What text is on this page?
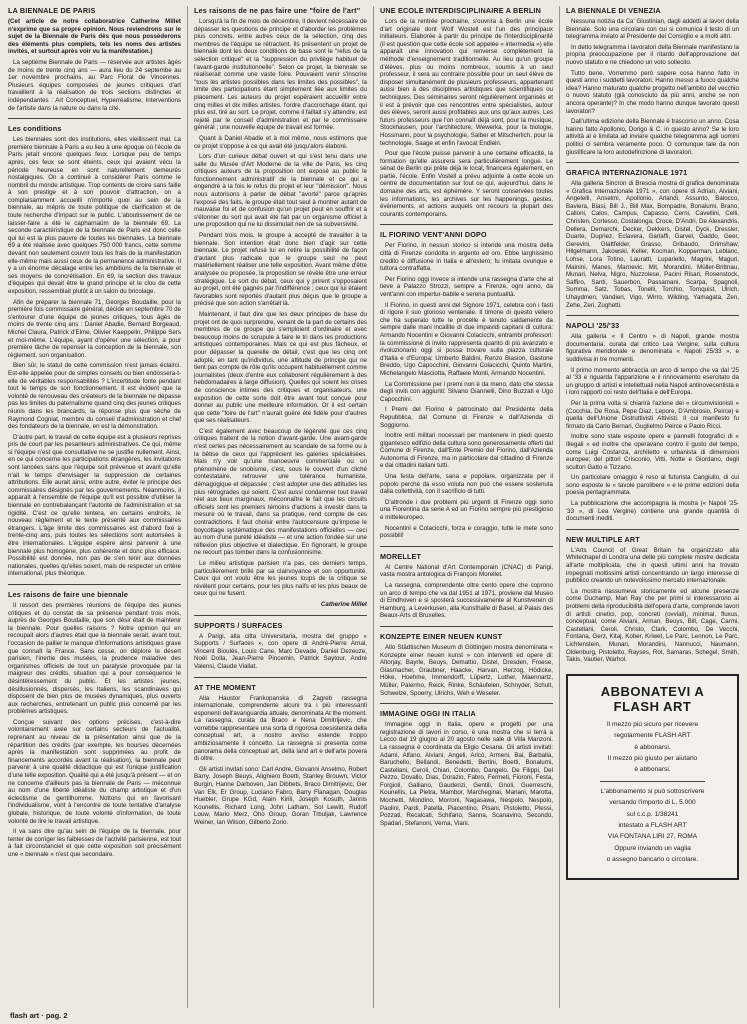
LA BIENNALE DE PARIS

(Cet article de notre collaboratrice Catherine Millet n'exprime que sa propre opinion. Nous reviendrons sur le sujet de la Biennale de Paris dès que nous possèderons des éléments plus complets, tels les noms des artistes invités, et surtout après voir vu la manifestation.)

La septième Biennale de Paris — réservée aux artistes âgés de moins de trente cinq ans — aura lieu du 24 septembe au 1er novembre prochains, au Parc Floral de Vincennes. Plusieurs équipes composées de jeunes critiques d'art travaillent à la réalisation de trois sections distinctes et indépendantes : Art Conceptuel, Hyperréalisme, Interventions de l'artiste dans la nature ou dans la cité.

Les conditions

Les biennales sont des institutions, elles vieillissent mal. La première biennale à Paris a eu lieu à une époque où l'école de Paris jetait encore quelques feux. Lorsque peu de temps après, ces feux se sont éteints, ceux qui avaient vécu la période heureuse en sont naturellement demeurés nostalgiques. On a continué à considérer Paris comme le nombril du monde artistique. Trop contents de croire sans faille à son prestige et à son pouvoir d'attraction, on a complaisamment accueilli n'importe quoi au sein de la biennale, au mépris de toute politique de clarification et de toute recherche d'impact sur le public. L'aboutissement de ce laisser-faire a été le capharnaüm de la biennale 69. La seconde caractéristique de la biennale de Paris est donc celle qui lui est la plus pauvre de toutes les biennales. La biennale 69 a été réalisée avec quelques 750 000 francs, cette somme devant non seulement couvrir tous les frais de la manifestation elle-même mais aussi ceux de la permanence administrative. Il y a un énorme décalage entre les ambitions de la biennale et ses moyens de concrétisation. En 69, la section des travaux d'équipes qui devait être le grand principe et le clou de cette exposition, ressemblait plutôt à un salon du bricolage.

Afin de préparer la biennale 71, Georges Boudaille, pour la première fois commissaire général, décide en septembre 70 de s'entourer d'une équipe de jeunes critiques, tous âgés de moins de trente cinq ans : Daniel Abadie, Bernard Borgeaud, Michel Claura, Patrick d'Elme, Olivier Kaeppelin, Philippe Sers et moi-même. L'équipe, ayant d'opérer une sélection, a pour première tâche de repenser la conception de la biennale, son règlement, son organisation.

Bien sûr, le statut de cette commission n'est jamais éclairci. Est-elle appelée pour de simples conseils ou bien endossera-t-elle de véritables responsabilités ? L'incertitude fonte pendant tout le temps de son fonctionnement. Il est évident que la volonté de renouveau des créateurs de la biennale ne dépasse pas les limites du paternalisme quand cinq des jeunes critiques réunis dans les brancards, la réponse plus que sèche de Raymond Cogniat, membre du conseil d'administration et chef des fondateurs de la biennale, en est la démonstration.

D'autre part, le travail de cette équipe est à plusieurs reprises pris de court par les pesanteurs administratives. Ce qui, même si l'équipe n'est que consultative ne se justifie nullement. Ainsi, en ce qui concerne les participations étrangères, les invitations sont lancées sans que l'équipe soit prévenue et avant qu'elle n'ait le temps d'envisager la suppression de certaines attributions. Elle aurait ainsi, entre autre, éviter le principe des commissaires désignés par les gouvernements. Néanmoins, il apparaît à l'ensemble de l'équipe qu'il est possible d'utiliser la biennale en contrebalançant l'autorité de l'administration et sa rigidité. C'est ce qu'elle tentera, en certains endroits, le nouveau règlement et le texte présenté aux commissaires étrangers. L'âge limite des commissaires est d'abord fixé à trente-cinq ans, puis toutes les sélections sont autorisées à être internationales. L'équipe espère ainsi parvenir à une biennale plus homogène, plus cohérente et donc plus efficace. Possibilité est donnée, non pas de s'en tenir aux données nationales, quelles qu'elles soient, mais de respecter un critère international, plus théorique.

Les raisons de faire une biennale

Il ressort des premières réunions de l'équipe des jeunes critiques et du constat de sa présence pendant trois mois, auprès de Georges Boudaille, que son désir était de maintenir la biennale. Pour quelles raisons ? Notre opinion qui en recoupait alors d'autres était que la biennale serait, avant tout, l'occasion de pallier le manque d'informations artistiques grave que connaît la France. Sans cesse, on déplore le désert parisien, l'inertie des musées, la prudence maladive des organismes officiels de tout un paralysie provoquée par la maigreur des crédits, situation qui a pour conséquence le désintéressement du public. Et les artistes jeunes, désillusionnés, dispersés, les Italiens, les scandinaves qui disposent de bien plus de musées dynamiques, plus ouverts aux recherches, entretenant un public plus concerné par les problèmes artistiques.

Conçue suivant des options précises, c'est-à-dire volontairement axée sur certains secteurs de l'actualité, reprenant au niveau de la présentation ainsi que de la répartition des crédits (par exemple, les bourses décernées après la manifestation sont supprimées au profit de financements accordés avant la réalisation), la biennale peut parvenir à une qualité didactique qui est l'unique justification d'une telle exposition. Qualité qui a été jusqu'à présent — et on ne concerne d'ailleurs pas la biennale de Paris — méconnue au nom d'une liberté idéaliste du champ artistique et d'un éclectisme de gentilhomme. Nottons qui en favorisant l'individualisme, vont à l'encontre de toute tentative d'analyse globale, historique, de toute volonté d'information, de toute volonté de lire le travail artistique.

Il va sans dire qu'au sein de l'équipe de la biennale, pour tenter de corriger les faiblesses de l'activité parisienne, est tout à fait circonstanciel et que cette exposition soit précisément une « biennale » n'est que secondaire.

Les raisons de ne pas faire une "foire de l'art"

Lorsqu'à la fin de mois de décembre, il devient nécessaire de dépasser les questions de principe et d'aborder les problèmes plus concrets, entre autres ceux de la sélection, cinq des membres de l'équipe se rétractent. Ils présentent un projet de biennale dont les deux conditions de base sont le "refus de la sélection critique" et la "suppression du privilège habituel de l'avant-garde institutionnelle". Selon ce projet, la biennale se réaliserait comme une vaste foire. Pouvaient venir s'inscrire "tous les artistes possibles dans les limites des possibles", la limite des participations étant simplement liée aux limites du placement. Les auteurs du projet espéraient accueillir entre cinq milles et dix milles artistes. l'ordre d'accrochage étant, qui plus est, tiré au sort. Le projet, comme il faillait s'y attendre, est rejeté par le conseil d'administration et par le commissaire général ; une nouvelle équipe de travail est formée.

Quant à Daniel Abadie et à moi même, nous estimons que ce projet s'oppose à ce qui avait été jusqu'alors élaboré.

Lors d'un curieux débat ouvert et qui s'est tenu dans une salle du Musée d'Art Moderne de la ville de Paris, les cinq critiques auteurs de la proposition ont exposé au public le fonctionnement administratif de la biennale et ce qui a engendré à la fois le refus du projet et leur "démission". Nous nous autorisons à parler de débat "avorté" parce qu'après l'exposé des faits, le groupe était tout seul à montrer autant de mauvaise foi et de confusion qu'un projet peut en souffrir et à s'étonner du sort qui avait été fait par un organisme officiel à une proposition qui ne lui dissimulait rien de sa subversivité.

Pendant trois mois, le groupe a accepté de travailler à la biennale. Son intention était donc bien d'agir sur cette biennale. Le projet refusé lui en retire la possibilité de façon d'autant plus radicale que le groupe seul ne peut matériellement réaliser une telle exposition. Avant même d'être analysée ou proposée, la proposition se révèle être une erreur stratégique. Le sort du débat, ceux qui y prirent s'opposaient au projet, ont été gagnés par l'indifférence ; ceux qui lui étaient favorables sont reportés d'autant plus déçus que le groupe a précisé que son action s'arrêtait là.

Maintenant, il faut dire que les deux principes de base du projet ont de quoi surprendre, venant de la part de certains des membres de ce groupe qui s'emploient d'ordinaire et avec beaucoup moins de scrupule à faire le tri dans les productions artistiques contemporaines. Mais ce qui est plus fâcheux, et pour dépasser la querelle de détail, c'est que les cinq ont adopté, en tant qu'individus, une attitude de principe qui ne tient pas compte de rôle qu'ils occupent habituellement comme journalistes (deux d'entre eux collaborent régulièrement à des hebdomadaires à large diffusion). Quelles qui soient les crises de conscience intimes des critiques et organisateurs, une exposition de cette sorte doit être avant tout conçue pour donner au public une meilleure information. Or il est certain que cette "foire de l'art" n'aurait guère été fidèle pour d'autres que ses réalisateurs.

C'est également avec beaucoup de légèreté que ces cinq critiques traitent de la notion d'avant-garde. Une avant-garde n'est certes pas nécessairement au scandale de sa forme ou à la bêtise de ceux qui l'apprécient les galeries spécialisées. Mais n'y voir qu'une manoeuvre commerciale ou un phénomène de snobisme, c'est, sous le couvert d'un cliché contestataire, retrouver une tolérance humaniste, démagogique et dépassée ; c'est adopter une des attitudes les plus rétrogrades qui soient. C'est aussi condamner tout travail réel aux lieux marginaux, méconnaître le fait que les circuits officiels sont les premiers témoins d'actions à investir dans la mesure où le travail, dans sa pratique, rend compte de ces contradictions. Il faut choisir entre l'autocensure qu'impose le boycottage systématique des manifestations officielles — ceci au nom d'une pureté idéaliste — et une action fondée sur une réflexion plus objective et dialectique. En l'ignorant, le groupe ne recourt pas tomber dans la confusionnisme.

Le milieu artistique parisien n'a pas, ces derniers temps, particulièrement brillé par sa clairvoyance et son opportunité. Ceux qui ont voulu être les jeunes loups de la critique se révèlent pour certains, pour les plus naïfs et les plus beaux de ceux qui ne fusent.

Catherine Millet

SUPPORTS / SURFACES

A Parigi, alla citta Universitaria, mostra del gruppo « Supports / Surfaces », con opere di André-Pierre Arnal, Vincent Bioulès, Louis Cane, Marc Devade, Daniel Dezeuze, Noël Dolla, Jean-Pierre Pincemin, Patrick Saytour, André Valensi, Claude Viallat.

AT THE MOMENT

Alla Haustor Frankopanska di Zagreb rassegna internazionale, comprendente alcuni tra i più interessanti esponenti dell'avanguardia attuale, denominata At the moment. La rassegna, curata da Braco e Nena Dimitrijevic, che vorrebbe rappresentare una sorta di rigorosa coesistenza della conceptual art, a nostro avviso estende troppo ambiziosamente il concetto. La rassegna si presenta come panorama della conceptual art, della land art e dell'arte povera di oltre.

Gli artisti invitati sono: Carl Andre, Giovanni Anselmo, Robert Barry, Joseph Beuys, Alighiero Boetti, Stanley Brouwn, Victor Burgin, Hanne Darboven, Jan Dibbets, Braco Dimitrijevic, Ger Van Elk, Er Group, Luciano Fabro, Barry Flanagan, Douglas Huebler, Grupe KGd, Alain Kirili, Joseph Kosuth, Jannis Kounellis, Richard Long, John Latham, Sol Lewitt, Rudolf Louw, Mario Merz, Oho Group, Goran Trbuljak, Lawrence Weiner, Ian Wilson, Gilberto Zorio.

UNE ECOLE INTERDISCIPLINAIRE A BERLIN

Lors de la rentrée prochaine, s'ouvrira à Berlin une école d'art originale dont Wolf Wostell est l'un des principaux initiateurs. Elaborée à partir du principe de l'interdisciplinarité (il est question que cette école soit appelée « intermedia ») elle apparaît une innovation qui renverse complètement la méthode d'enseignement traditionnelle. Au lieu qu'un groupe d'élèves, plus ou moins nombreux, soumis à un seul professeur, il sera au contraire possible pour un seul élève de disposer simultanément de plusieurs professeurs, appartenant aussi bien à des disciplines artistiques que scientifiques ou techniques. Des séminaires seront régulièrement organisés et il est à prévoir que ces rencontres entre spécialistes, autour des élèves, seront aussi profitables aux uns qu'aux autres. Les futurs professeurs que l'on connaît déjà sont, pour la musique, Stockhausen, pour l'architecture, Wewerka, pour la biologie, Hossmann, pour la psychologie, Salber et Mitscherlich, pour la technologie, Saage et enfin l'avocat Endlein.

Pour que l'école puisse parvenir à une certaine efficacité, la formation qu'elle assurera sera particulièrement longue. Le sénat de Berlin qui prête déjà le local, financera également, en partie, l'école. Enfin Vostell a prévu adjointe à cette école un centre de documentation sur tout ce qui, aujourd'hui, dans le domaine des arts, est éphémère. Y seront conservées toutes les informations, les archives sur les happenings, gestes, événements, et actions auquels ont recours la plupart des courants contemporains.

IL FIORINO VENT'ANNI DOPO

Per Fiorino, in nessun storico si intende una mostra della città di Firenze condotta in argento ed oro. Ebbe larghissimo credito e diffusione in Italia e all'estero; fu imitata ovunque e tuttora contraffatta.

Per Fiorino oggi invece si intende una rassegna d'arte che al tieve a Palazzo Strozzi, sempre a Firenze, ogni anno, da vent'anni con impertur-babile e serena puntualità.

Il Fiorino, in questi anni del Signore 1971, celebra con i fasti di rigore il suo glorioso ventenale. Il timone di questo veliero che ha superato tutte le procelle è tenuto saldamente da sempre dalle mani incallite di due impavidi capitani di cultura: Armando Nocentini e Giovanni Colacicchi, entrambi professori: la commissione di invito rappresenta quanto di più avanzato e rivoluzionario oggi si possa trovare sulla piazza culturale d'Italia e d'Europa: Umberto Baldini, Renzo Biasion, Gastone Breddo, Ugo Capocchini, Giovanni Colacicchi, Quinto Martini, Michelangelo Masciotta, Raffaele Monti, Armando Nocentini.

La Commissione per i premi non è da meno, dato che stessa degli inviti con aggiunti: Silvano Giannelli, Dino Buzzati e Ugo Capocchini.

I Premi del Fiorino è patrocinato dal Presidente della Repubblica, dal Comune di Firenze e dall'Azienda di Soggiorno.

Inoltre enti militari nocessari per mantenere in piedi questo gigantesco edifizio della cultura sono generosamente offerti dal Comune di Firenze, dall'Ente Premio del Fiorino, dall'Azienda Autonoma di Firenze, ma in particolare dal cittadino di Firenze e dai cittadini italiani tutti.

Una festa dell'arte, sana e popolare, organizzata per il popolo perchè da esso voluta non può che essere sostenuta dalla collettività, con il sacrificio di tutti.

D'altronde i due problemi più urgenti di Firenze oggi sono una Fiorentina da serie A ed un Fiorino sempre più prestigioso e mitteleuropeo.

Nocentini e Colacicchi, forza e coraggio, tutte le mete sono possibili!

MORELLET

Al Centre National d'Art Contemporain (CNAC) di Parigi, vasta mostra antologica di François Morellet.

La rassegna, comprendente oltre cento opere che coprono un arco di tempo che va dal 1951 al 1971, proviene dal Museo di Eindhoven e si sposterà successivamente al Kunstverein di Hamburg, a Leverkusen, alla Kunsthalle di Basel, al Palais des Beaux-Arts di Bruxelles.

KONZEPTE EINER NEUEN KUNST

Allo Städtischen Museum di Göttingen mostra denominata « Konzepte einer neuen kunst » con interventi ed opere di: Altorjay, Bayrle, Beuys, Demattio, Distel, Dresden, Froese, Glasmacher, Graubner, Haacke, Harvan, Herzog, Hödicke, Höke, Hoehme, Immendorff, Lüpertz, Luther, Maennartz, Müller, Palermo, Reick, Rinke, Schäufelen, Schnyder, Schult, Schwelze, Spoerry, Ulrichs, Weh e Weseler.

IMMAGINE OGGI IN ITALIA

Immagine oggi in Italia, opere e progetti per una registrazione di lavori in corso, è una mostra che si terrà a Lecco dal 19 giugno al 20 agosto nelle sale di Villa Manzoni. La rassegna è coordinata da Eligio Cesana. Gli artisti invitati: Adami, Alfano, Alviani, Angeli, Aricò, Armeni, Bai, Barballa, Baruchello, Bellandi, Benedetti, Bertini, Boetti, Bonalumi, Castellani, Ceroli, Chiari, Colombo, Dangelo, De Filippi, Del Pezzo, Dovallo, Dias, Dorazio, Fabro, Fermeti, Fioroni, Festa, Forgioli, Galliano, Gaudenzi, Gentili, Gnoli, Guerreschi, Kounellis, La Pietra, Mambor, Marcheginai, Mariani, Marotta, Mochetti, Mondino, Morroni, Nagasawa, Nespolo, Nespolo, Paolini, Pardi, Patella, Piacentino, Pisani, Pistoletto, Plessi, Pozzati, Recalcati, Schifano, Sanna, Scanavino, Secondo, Spadari, Stefanoni, Verna, Viani.

LA BIENNALE DI VENEZIA

Nessuna notizia da Ca' Giustinian, dagli addetti ai lavori della Biennale. Solo una circolare con cui si comunica il testo di un telegramma inviato al Presidente del Consiglio e a molti altri.

In detto telegramma i lavoratori della Biennale manifestano la propria preoccupazione per il ritardo dell'approvazione del nuovo statuto e ne chiedono un voto sollecito.

Tutto bene. Vorremmo però sapere cosa hanno fatto in questi anno i suddetti lavoratori. Hanno messo a fuoco qualche idea? Hanno maturato qualche progetto nell'ambito del vecchio o nuovo statuto (già conosciuto da più anni, anche se non ancora operante)? In che modo hanno dunque lavorato questi lavoratori?

Dall'ultima edizione della Biennale è trascorso un anno. Cosa hanno fatto Apollonio, Dorigo & C. in questo anno? Se le loro attività al è limitata ad inviare qualche telegramma agli uomini politici ci sembra veramente poco. O comunque tale da non giustificare la loro autodefinizione di lavoratori.

GRAFICA INTERNAZIONALE 1971

Alla galleria Sincron di Brescia mostra di grafica denominata « Grafica Internazionale 1971 », con opere di Adrian, Alviani, Angelelli, Anselmi, Apollonio, Arlandi, Assunto, Balocco, Baviera, Biasi, Bill J., Bill Max, Bompadre, Bonalumi, Brano, Calloni, Calos, Campus, Capasso, Cerni, Cavellini, Celli, Christen, Cortesso, Costalonga, Croce, D'Andri, De Alexandris, Dellera, Demarchi, Decker, Dekkers, Distel, Dyck, Dressler, Duarte, Dupriez, Eclavera, Garlaffi, Garvel, Gaddo, Geer, Gerevini, Glattfelder, Grasso, Gribaudo, Grimshaw, Hilgelmann, Jakowski, Keller, Kocman, Kopperman, Leblanc, Lohse, Lora Totino, Lauratti, Lupariello, Magrini, Maguri, Mainini, Manes, Marnevic, Mit, Morandini, Müller-Brittnau, Munari, Nelva, Nigro, Nuzzolese, Pacini Risari, Rosenstock, Saffiro, Santi, Sauerbon, Passamani, Scarpa, Spagnoli, Summa, Satz, Tobas, Tonelli, Torchio, Tornquist, Ulrich, Uhaydmen, Vandieri, Vigo, Wirro, Wilding, Yamagata, Zen, Zehe, Zeri, Zughetti.

NAPOLI '25/'33

Alla galleria « Il Centro » di Napoli, grande mostra documentaria, curata dal critico Lea Vergine, sulla cultura figurativa meridionale e denominata « Napoli 25/33 », e suddivisa in tre momenti.

Il primo momento abbraccia un arco di tempo che va dal '25 al '33 e riguarda l'apparizione e il rinnovamento esercitato da un gruppo di artisti e intellettuali nella Napoli antinovecentista e i loro rapporti coi resto dell'Italia e dell'Europa.

Per la prima volta si chiarirà l'azione dei « circumvisionisti » (Cocchia, De Rosa, Pepe Diaz, Lepore, D'Ambrosio, Peirce) e quella dell'Unione Distruttivisti Attivisti. Il cui manifesto fu firmato da Carlo Bernari, Guglielmo Peirce e Paolo Ricci.

Inoltre sono state esposte opere e pannelli fotografici di « Illegali » ed inoltre che operavano contro il gusto del tempo, come Luigi Costanza, architetto e urbanista di dimensioni europee; del pittori Crisconio, Vitti, Notte e Giordano, degli scultori Gatto e Tizzano.

Un particolare omaggio è reso al futurista Cangiullo, di cui sono esposte le « tavole parolibere » e le prime edizioni della poesia pentagrammata.

La pubblicazione che accompagna la mostra (« Napoli '25-'33 », di Lea Vergine) contiene una grande quantità di documenti inediti.

NEW MULTIPLE ART

L'Arts Council of Great Britain ha organizzato alla Whitechapel di Londra una delle più complete mostre dedicata all'arte moltiplicata, che in questi ultimi anni ha trovato impegnati moltissimi artisti concentrando un largo interesse di pubblico creando un notevolissimo mercato internazionale.

La mostra riassumeva storicamente ed alcune presenze come Duchamp, Man Ray che per primi si interessarono ai problemi della riproducibilità dell'opera d'arte, comprende lavori di artisti cinetici, pop, concreti (ovviali), minimal, fluxus, conceptual, come Alviani, Arman, Beuys, Bill, Cage, Carmi, Castellani, Ceroli, Christo, Clark, Colombo, De Vecchi, Fontana, Gerz, Kitaj, Kober, Kriwet, Le Parc, Lennon, Le Parc, Lichtenstein, Munari, Morandini, Nannucci, Naumann, Oldenburg, Pistoletto, Rayses, Rot, Samaras, Schegel, Smith, Takis, Vautier, Warhol.

ABBONATEVI A FLASH ART
Il mezzo più sicuro per ricevere
regolarmente FLASH ART
è abbonarsi.
Il mezzo più giusto per aiutarlo
è abbonarsi.
L'abbonamento si può sottoscrivere
versando l'importo di L. 5.000
sul c.c.p. 1/38241
intestato a FLASH ART
VIA FONTANA LIRI 27, ROMA
Oppure inviando un vaglia
o assegno bancario o circolare.
flash art · pag. 2
